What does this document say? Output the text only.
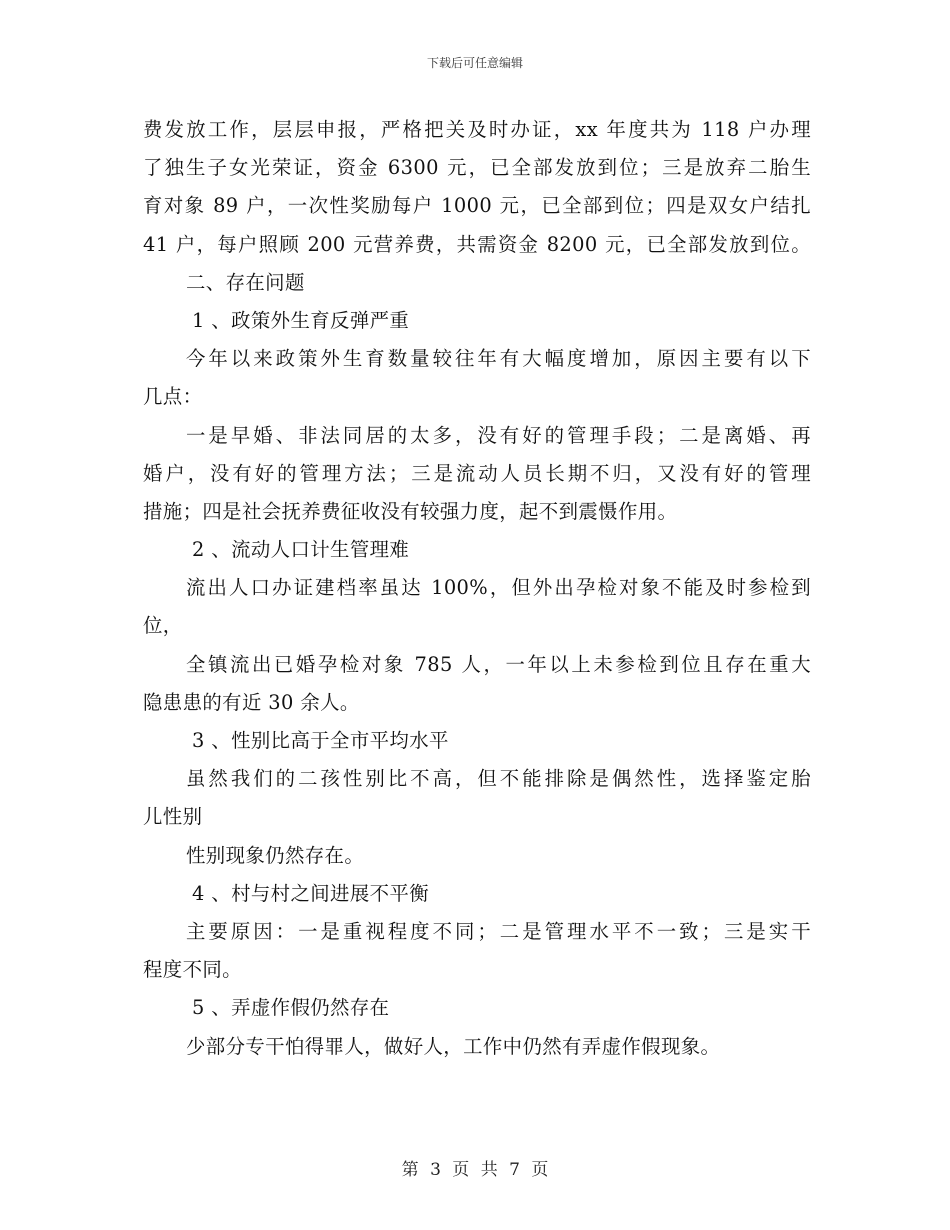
下载后可任意编辑
费发放工作，层层申报，严格把关及时办证，xx 年度共为 118 户办理
了独生子女光荣证，资金 6300 元，已全部发放到位；三是放弃二胎生
育对象 89 户，一次性奖励每户 1000 元，已全部到位；四是双女户结扎
41 户，每户照顾 200 元营养费，共需资金 8200 元，已全部发放到位。
二、存在问题
1 、政策外生育反弹严重
今年以来政策外生育数量较往年有大幅度增加，原因主要有以下
几点：
一是早婚、非法同居的太多，没有好的管理手段；二是离婚、再
婚户，没有好的管理方法；三是流动人员长期不归，又没有好的管理
措施；四是社会抚养费征收没有较强力度，起不到震慑作用。
2 、流动人口计生管理难
流出人口办证建档率虽达 100%，但外出孕检对象不能及时参检到
位，
全镇流出已婚孕检对象 785 人，一年以上未参检到位且存在重大
隐患患的有近 30 余人。
3 、性别比高于全市平均水平
虽然我们的二孩性别比不高，但不能排除是偶然性，选择鉴定胎
儿性别
性别现象仍然存在。
4 、村与村之间进展不平衡
主要原因：一是重视程度不同；二是管理水平不一致；三是实干
程度不同。
5 、弄虚作假仍然存在
少部分专干怕得罪人，做好人，工作中仍然有弄虚作假现象。
第 3 页 共 7 页
